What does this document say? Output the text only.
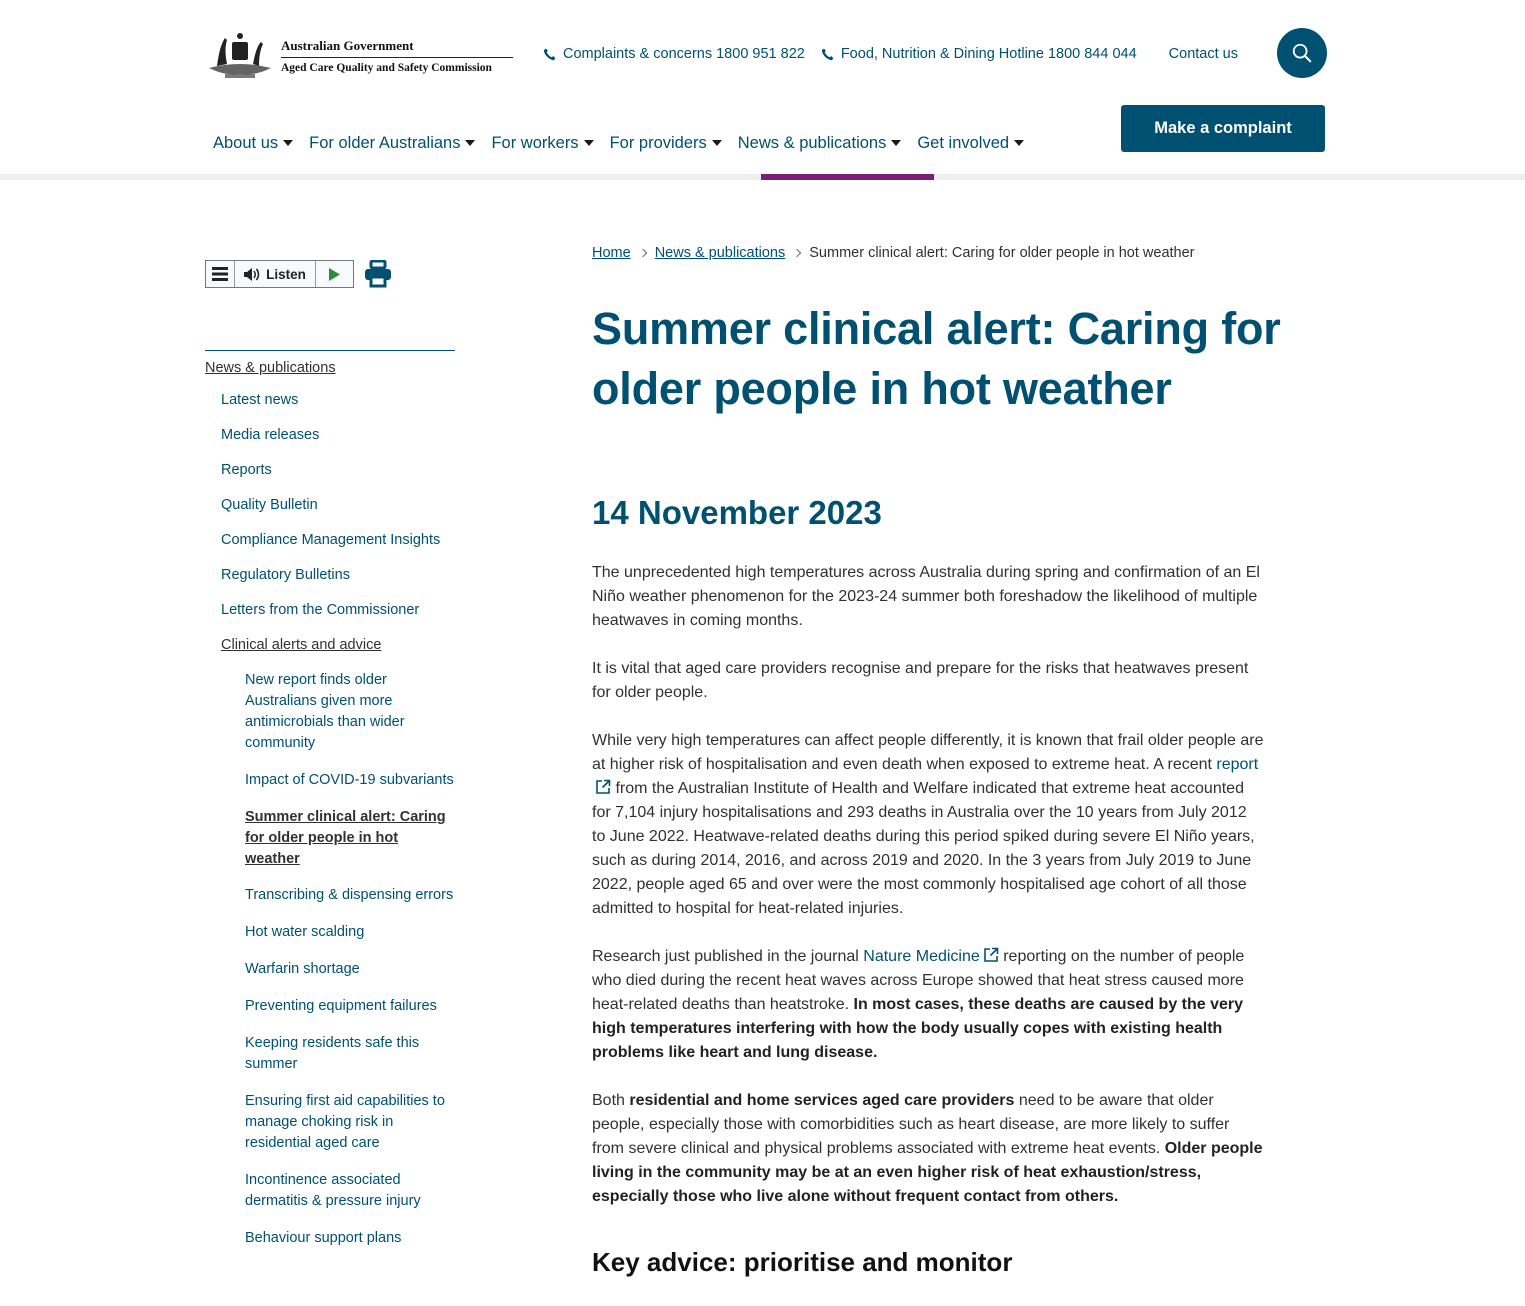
Australian Government
Aged Care Quality and Safety Commission
Complaints & concerns 1800 951 822 Food, Nutrition & Dining Hotline 1800 844 044 Contact us
About us For older Australians For workers For providers News & publications Get involved
Make a complaint
Listen
News & publications
Latest news
Media releases
Reports
Quality Bulletin
Compliance Management Insights
Regulatory Bulletins
Letters from the Commissioner
Clinical alerts and advice
New report finds older Australians given more antimicrobials than wider community
Impact of COVID-19 subvariants
Summer clinical alert: Caring for older people in hot weather
Transcribing & dispensing errors
Hot water scalding
Warfarin shortage
Preventing equipment failures
Keeping residents safe this summer
Ensuring first aid capabilities to manage choking risk in residential aged care
Incontinence associated dermatitis & pressure injury
Behaviour support plans
Home News & publications Summer clinical alert: Caring for older people in hot weather
Summer clinical alert: Caring for older people in hot weather
14 November 2023

The unprecedented high temperatures across Australia during spring and confirmation of an El Niño weather phenomenon for the 2023-24 summer both foreshadow the likelihood of multiple heatwaves in coming months.

It is vital that aged care providers recognise and prepare for the risks that heatwaves present for older people.

While very high temperatures can affect people differently, it is known that frail older people are at higher risk of hospitalisation and even death when exposed to extreme heat. A recent report from the Australian Institute of Health and Welfare indicated that extreme heat accounted for 7,104 injury hospitalisations and 293 deaths in Australia over the 10 years from July 2012 to June 2022. Heatwave-related deaths during this period spiked during severe El Niño years, such as during 2014, 2016, and across 2019 and 2020. In the 3 years from July 2019 to June 2022, people aged 65 and over were the most commonly hospitalised age cohort of all those admitted to hospital for heat-related injuries.

Research just published in the journal Nature Medicine reporting on the number of people who died during the recent heat waves across Europe showed that heat stress caused more heat-related deaths than heatstroke. In most cases, these deaths are caused by the very high temperatures interfering with how the body usually copes with existing health problems like heart and lung disease.

Both residential and home services aged care providers need to be aware that older people, especially those with comorbidities such as heart disease, are more likely to suffer from severe clinical and physical problems associated with extreme heat events. Older people living in the community may be at an even higher risk of heat exhaustion/stress, especially those who live alone without frequent contact from others.

Key advice: prioritise and monitor
